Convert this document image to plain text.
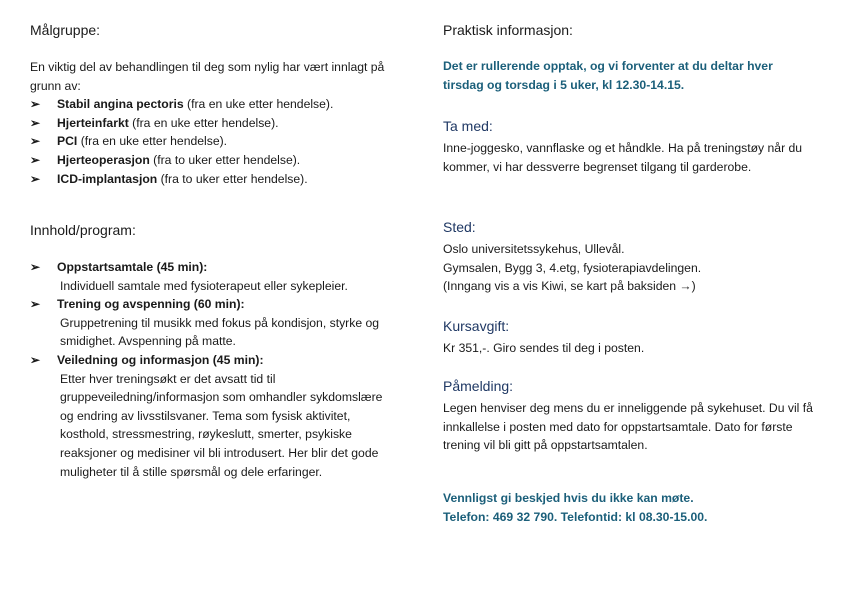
Målgruppe:
En viktig del av behandlingen til deg som nylig har vært innlagt på grunn av:
➢ Stabil angina pectoris (fra en uke etter hendelse).
➢ Hjerteinfarkt (fra en uke etter hendelse).
➢ PCI (fra en uke etter hendelse).
➢ Hjerteoperasjon (fra to uker etter hendelse).
➢ ICD-implantasjon (fra to uker etter hendelse).
Innhold/program:
➢ Oppstartsamtale (45 min):
Individuell samtale med fysioterapeut eller sykepleier.
➢ Trening og avspenning (60 min):
Gruppetrening til musikk med fokus på kondisjon, styrke og smidighet. Avspenning på matte.
➢ Veiledning og informasjon (45 min):
Etter hver treningsøkt er det avsatt tid til gruppeveiledning/informasjon som omhandler sykdomslære og endring av livsstilsvaner. Tema som fysisk aktivitet, kosthold, stressmestring, røykeslutt, smerter, psykiske reaksjoner og medisiner vil bli introdusert. Her blir det gode muligheter til å stille spørsmål og dele erfaringer.
Praktisk informasjon:
Det er rullerende opptak, og vi forventer at du deltar hver tirsdag og torsdag i 5 uker, kl 12.30-14.15.
Ta med:
Inne-joggesko, vannflaske og et håndkle. Ha på treningstøy når du kommer, vi har dessverre begrenset tilgang til garderobe.
Sted:
Oslo universitetssykehus, Ullevål.
Gymsalen, Bygg 3, 4.etg, fysioterapiavdelingen.
(Inngang vis a vis Kiwi, se kart på baksiden →)
Kursavgift:
Kr 351,-. Giro sendes til deg i posten.
Påmelding:
Legen henviser deg mens du er inneliggende på sykehuset. Du vil få innkallelse i posten med dato for oppstartsamtale. Dato for første trening vil bli gitt på oppstartsamtalen.
Vennligst gi beskjed hvis du ikke kan møte.
Telefon: 469 32 790. Telefontid: kl 08.30-15.00.
